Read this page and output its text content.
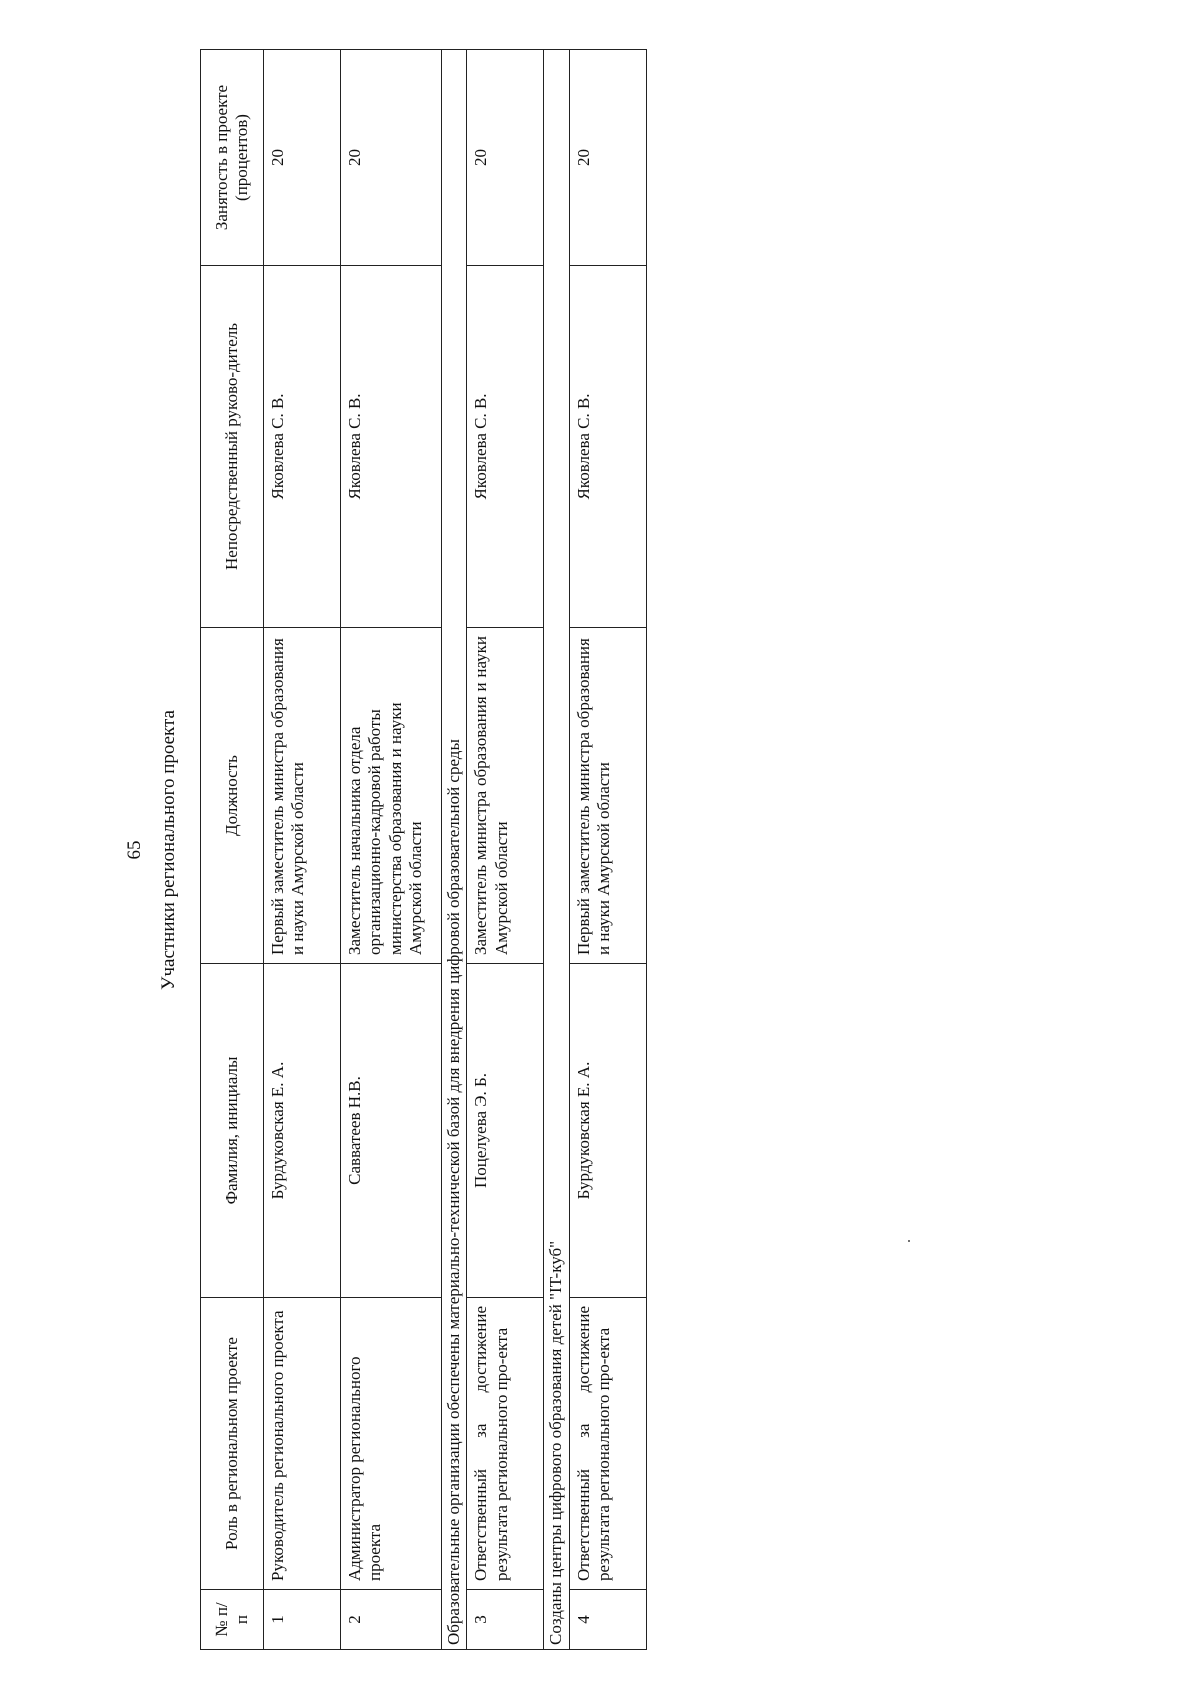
65 Участники регионального проекта
№ п/п	Роль в региональном проекте	Фамилия, инициалы	Должность	Непосредственный руково-дитель	Занятость в проекте (процентов)
1	Руководитель регионального проекта	Бурдуковская Е. А.	Первый заместитель министра образования и науки Амурской области	Яковлева С. В.	20
2	Администратор регионального проекта	Савватеев Н.В.	Заместитель начальника отдела организационно-кадровой работы министерства образования и науки Амурской области	Яковлева С. В.	20
Образовательные организации обеспечены материально-технической базой для внедрения цифровой образовательной среды					
3	Ответственный за достижение результата регионального про-екта	Поцелуева Э. Б.	Заместитель министра образования и науки Амурской области	Яковлева С. В.	20
Созданы центры цифрового образования детей "IT-куб"					
4	Ответственный за достижение результата регионального про-екта	Бурдуковская Е. А.	Первый заместитель министра образования и науки Амурской области	Яковлева С. В.	20
